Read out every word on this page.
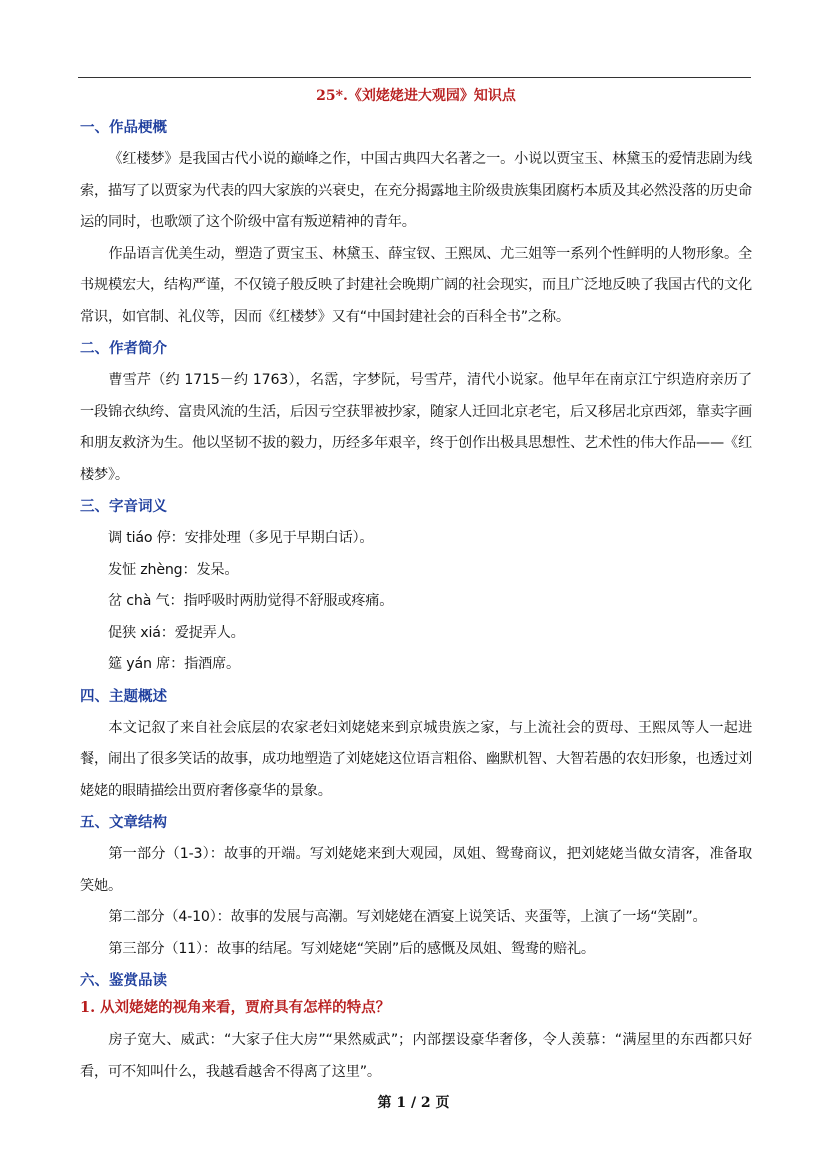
25*.《刘姥姥进大观园》知识点
一、作品梗概

《红楼梦》是我国古代小说的巅峰之作，中国古典四大名著之一。小说以贾宝玉、林黛玉的爱情悲剧为线索，描写了以贾家为代表的四大家族的兴衰史，在充分揭露地主阶级贵族集团腐朽本质及其必然没落的历史命运的同时，也歌颂了这个阶级中富有叛逆精神的青年。

作品语言优美生动，塑造了贾宝玉、林黛玉、薛宝钗、王熙凤、尤三姐等一系列个性鲜明的人物形象。全书规模宏大，结构严谨，不仅镜子般反映了封建社会晚期广阔的社会现实，而且广泛地反映了我国古代的文化常识，如官制、礼仪等，因而《红楼梦》又有“中国封建社会的百科全书”之称。

二、作者简介

曹雪芹（约 1715－约 1763），名霑，字梦阮，号雪芹，清代小说家。他早年在南京江宁织造府亲历了一段锦衣纨绔、富贵风流的生活，后因亏空获罪被抄家，随家人迁回北京老宅，后又移居北京西郊，靠卖字画和朋友救济为生。他以坚韧不拔的毅力，历经多年艰辛，终于创作出极具思想性、艺术性的伟大作品——《红楼梦》。

三、字音词义

调 tiáo 停：安排处理（多见于早期白话）。

发怔 zhèng：发呆。

岔 chà 气：指呼吸时两肋觉得不舒服或疼痛。

促狭 xiá：爱捉弄人。

筵 yán 席：指酒席。

四、主题概述

本文记叙了来自社会底层的农家老妇刘姥姥来到京城贵族之家，与上流社会的贾母、王熙凤等人一起进餐，闹出了很多笑话的故事，成功地塑造了刘姥姥这位语言粗俗、幽默机智、大智若愚的农妇形象，也透过刘姥姥的眼睛描绘出贾府奢侈豪华的景象。

五、文章结构

第一部分（1-3）：故事的开端。写刘姥姥来到大观园，凤姐、鸳鸯商议，把刘姥姥当做女清客，准备取笑她。

第二部分（4-10）：故事的发展与高潮。写刘姥姥在酒宴上说笑话、夹蛋等，上演了一场“笑剧”。

第三部分（11）：故事的结尾。写刘姥姥“笑剧”后的感慨及凤姐、鸳鸯的赔礼。

六、鉴赏品读
1. 从刘姥姥的视角来看，贾府具有怎样的特点？

房子宽大、威武：“大家子住大房”“果然威武”；内部摆设豪华奢侈，令人羡慕：“满屋里的东西都只好看，可不知叫什么，我越看越舍不得离了这里”。

第 1 / 2 页
